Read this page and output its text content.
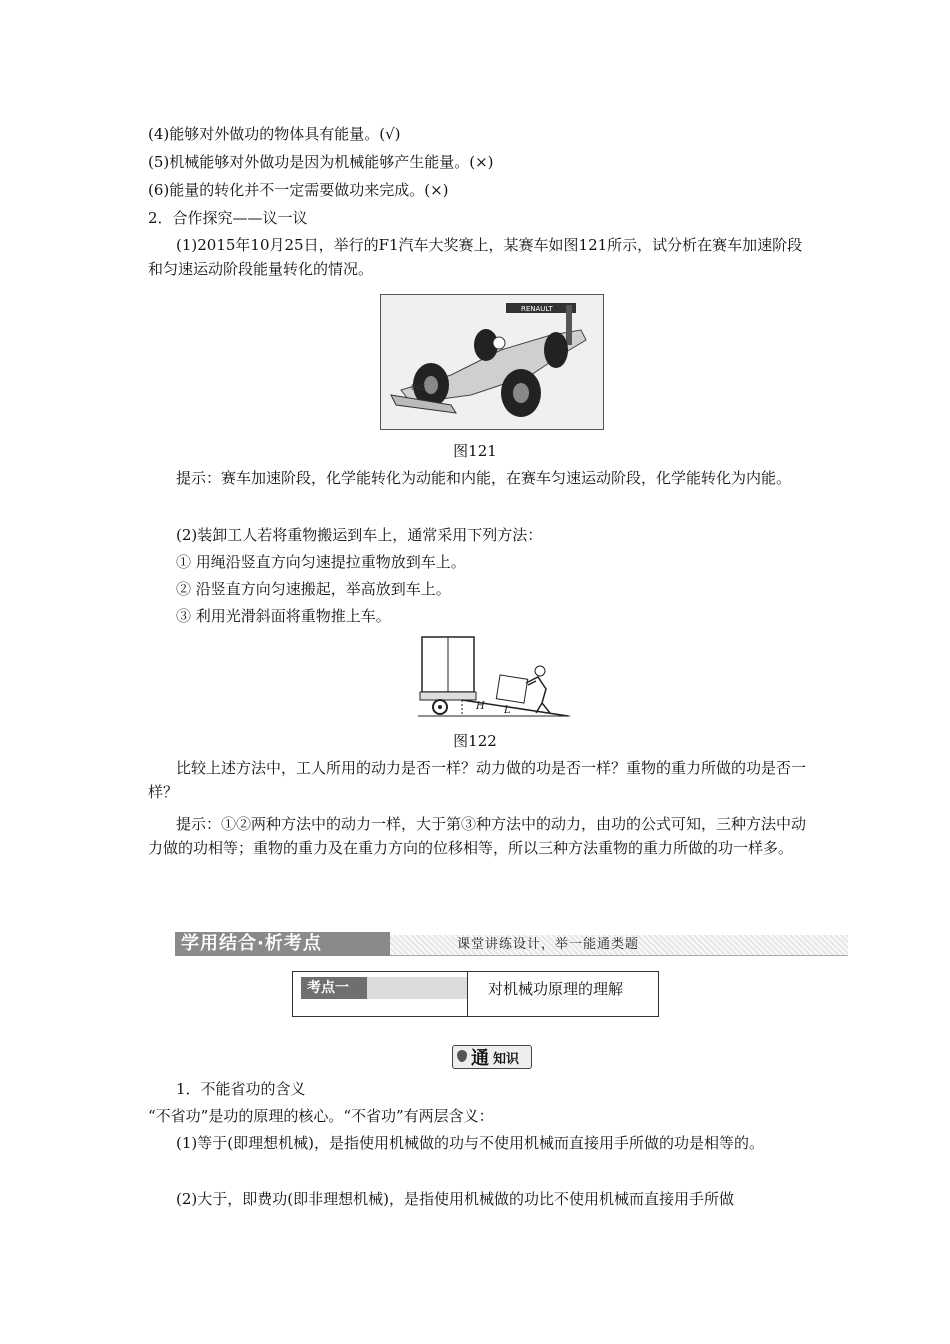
(4)能够对外做功的物体具有能量。(√)
(5)机械能够对外做功是因为机械能够产生能量。(×)
(6)能量的转化并不一定需要做功来完成。(×)
2．合作探究——议一议
(1)2015年10月25日，举行的F1汽车大奖赛上，某赛车如图121所示，试分析在赛车加速阶段和匀速运动阶段能量转化的情况。
RENAULT
ING
图121
提示：赛车加速阶段，化学能转化为动能和内能，在赛车匀速运动阶段，化学能转化为内能。
(2)装卸工人若将重物搬运到车上，通常采用下列方法：
① 用绳沿竖直方向匀速提拉重物放到车上。
② 沿竖直方向匀速搬起，举高放到车上。
③ 利用光滑斜面将重物推上车。
H L
图122
比较上述方法中，工人所用的动力是否一样？动力做的功是否一样？重物的重力所做的功是否一样？
提示：①②两种方法中的动力一样，大于第③种方法中的动力，由功的公式可知，三种方法中动力做的功相等；重物的重力及在重力方向的位移相等，所以三种方法重物的重力所做的功一样多。
学用结合·析考点	课堂讲练设计，举一能通类题
考点一	对机械功原理的理解
通 知识
1．不能省功的含义
“不省功”是功的原理的核心。“不省功”有两层含义：
(1)等于(即理想机械)，是指使用机械做的功与不使用机械而直接用手所做的功是相等的。
(2)大于，即费功(即非理想机械)，是指使用机械做的功比不使用机械而直接用手所做
